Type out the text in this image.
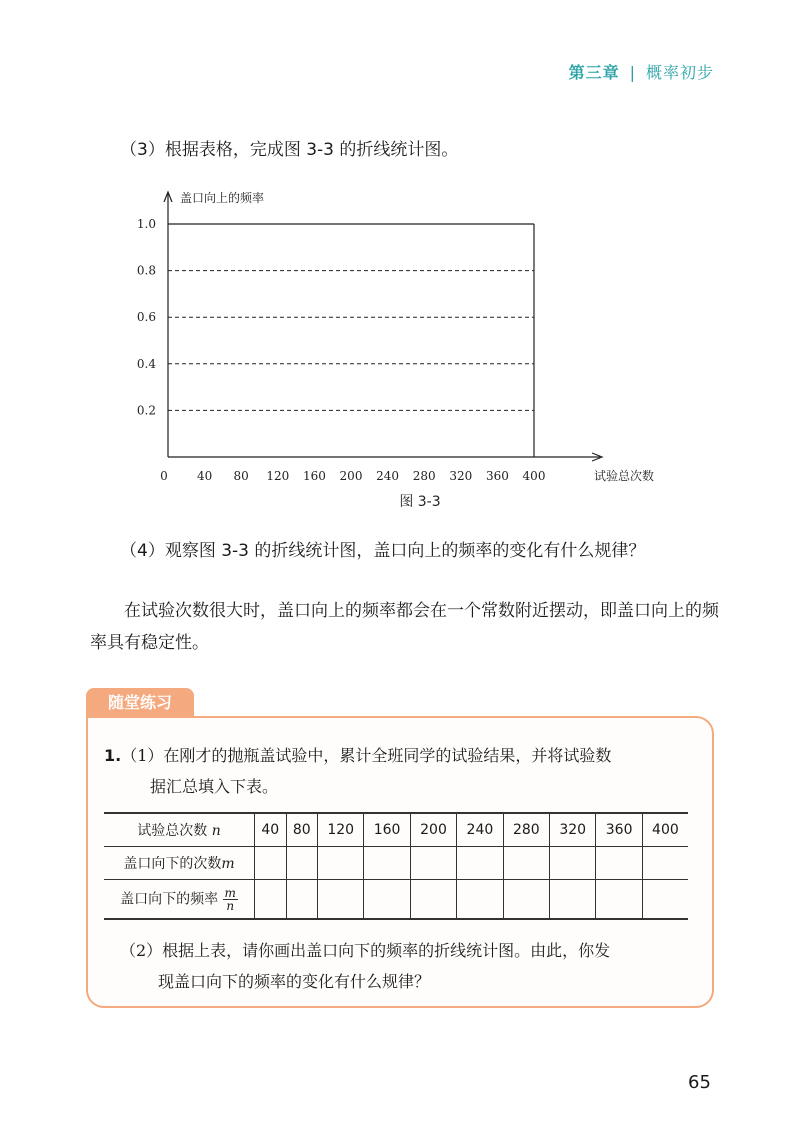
第三章 | 概率初步
（3）根据表格，完成图 3-3 的折线统计图。
盖口向上的频率
0.2
0.4
0.6
0.8
1.0
0 40 80 120 160 200 240 280 320 360 400	试验总次数
图 3-3
（4）观察图 3-3 的折线统计图，盖口向上的频率的变化有什么规律？
在试验次数很大时，盖口向上的频率都会在一个常数附近摆动，即盖口向上的频率具有稳定性。
随堂练习
1.（1）在刚才的抛瓶盖试验中，累计全班同学的试验结果，并将试验数
据汇总填入下表。
试验总次数 n	40	80	120	160	200	240	280	320	360	400
盖口向下的次数m										
盖口向下的频率 $\frac{m}{n}$

（2）根据上表，请你画出盖口向下的频率的折线统计图。由此，你发
现盖口向下的频率的变化有什么规律？
65
